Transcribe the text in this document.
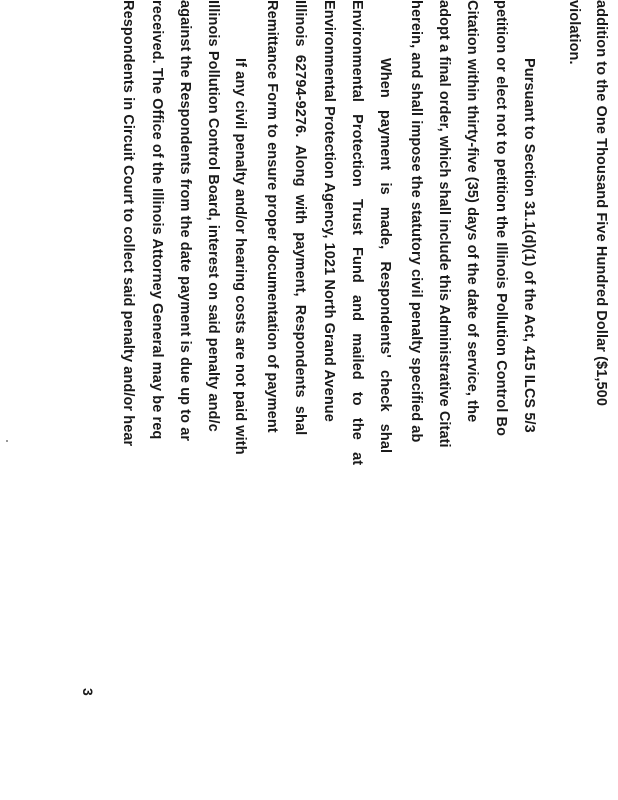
addition to the One Thousand Five Hundred Dollar ($1,500
violation.
Pursuant to Section 31.1(d)(1) of the Act, 415 ILCS 5/3
petition or elect not to petition the Illinois Pollution Control Bo
Citation within thirty-five (35) days of the date of service, the
adopt a final order, which shall include this Administrative Citati
herein, and shall impose the statutory civil penalty specified ab
When payment is made, Respondents' check shal
Environmental Protection Trust Fund and mailed to the at
Environmental Protection Agency, 1021 North Grand Avenue
Illinois 62794-9276. Along with payment, Respondents shal
Remittance Form to ensure proper documentation of payment
If any civil penalty and/or hearing costs are not paid with
Illinois Pollution Control Board, interest on said penalty and/c
against the Respondents from the date payment is due up to ar
received. The Office of the Illinois Attorney General may be req
Respondents in Circuit Court to collect said penalty and/or hear
3
